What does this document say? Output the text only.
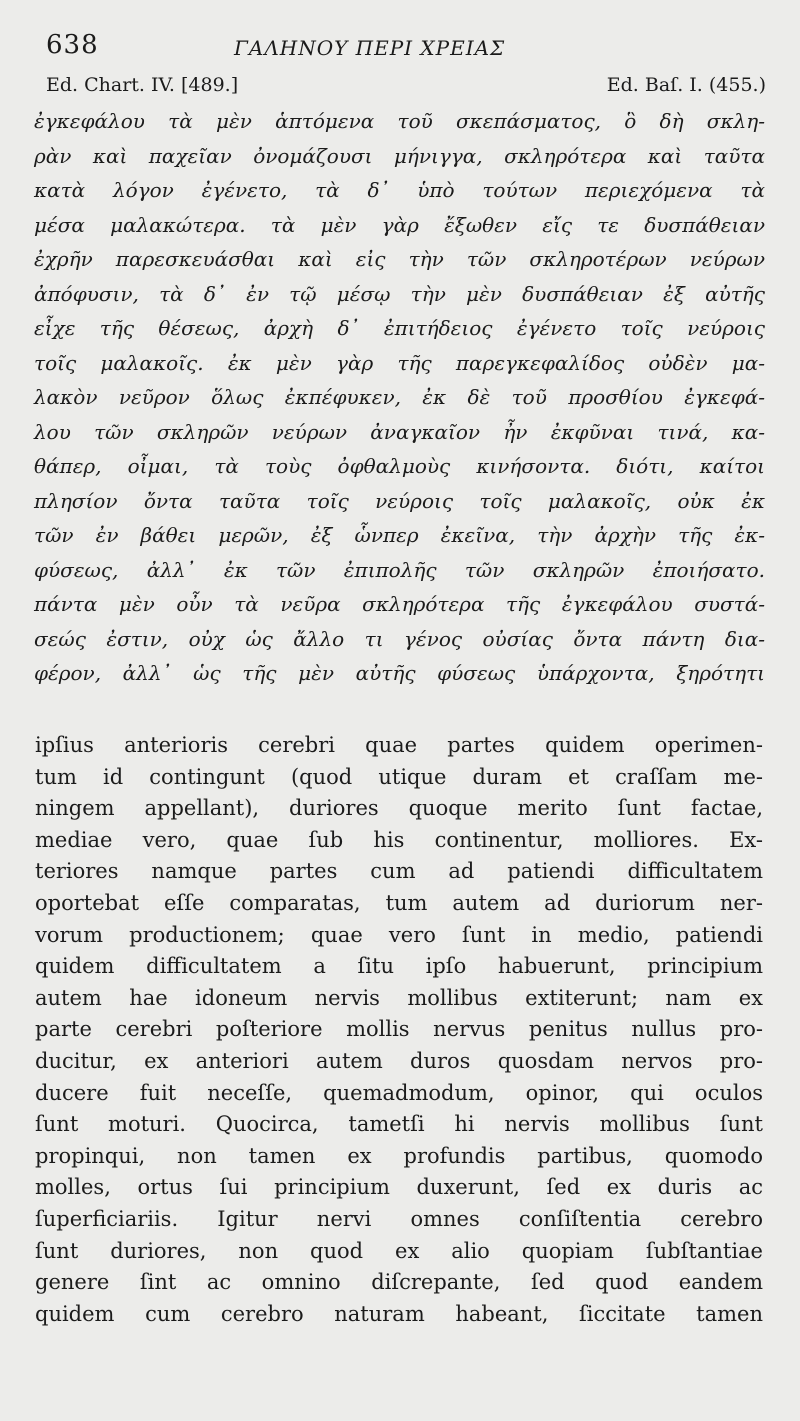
638	ΓΑΛΗΝΟΥ ΠΕΡΙ ΧΡΕΙΑΣ
Ed. Chart. IV. [489.]	Ed. Baſ. I. (455.)
ἐγκεφάλου τὰ μὲν ἁπτόμενα τοῦ σκεπάσματος, ὃ δὴ σκλη-
ρὰν καὶ παχεῖαν ὀνομάζουσι μήνιγγα, σκληρότερα καὶ ταῦτα
κατὰ λόγον ἐγένετο, τὰ δ᾽ ὑπὸ τούτων περιεχόμενα τὰ
μέσα μαλακώτερα. τὰ μὲν γὰρ ἔξωθεν εἴς τε δυσπάθειαν
ἐχρῆν παρεσκευάσθαι καὶ εἰς τὴν τῶν σκληροτέρων νεύρων
ἀπόφυσιν, τὰ δ᾽ ἐν τῷ μέσῳ τὴν μὲν δυσπάθειαν ἐξ αὐτῆς
εἶχε τῆς θέσεως, ἀρχὴ δ᾽ ἐπιτήδειος ἐγένετο τοῖς νεύροις
τοῖς μαλακοῖς. ἐκ μὲν γὰρ τῆς παρεγκεφαλίδος οὐδὲν μα-
λακὸν νεῦρον ὅλως ἐκπέφυκεν, ἐκ δὲ τοῦ προσθίου ἐγκεφά-
λου τῶν σκληρῶν νεύρων ἀναγκαῖον ἦν ἐκφῦναι τινά, κα-
θάπερ, οἶμαι, τὰ τοὺς ὀφθαλμοὺς κινήσοντα. διότι, καίτοι
πλησίον ὄντα ταῦτα τοῖς νεύροις τοῖς μαλακοῖς, οὐκ ἐκ
τῶν ἐν βάθει μερῶν, ἐξ ὧνπερ ἐκεῖνα, τὴν ἀρχὴν τῆς ἐκ-
φύσεως, ἀλλ᾽ ἐκ τῶν ἐπιπολῆς τῶν σκληρῶν ἐποιήσατο.
πάντα μὲν οὖν τὰ νεῦρα σκληρότερα τῆς ἐγκεφάλου συστά-
σεώς ἐστιν, οὐχ ὡς ἄλλο τι γένος οὐσίας ὄντα πάντη δια-
φέρον, ἀλλ᾽ ὡς τῆς μὲν αὐτῆς φύσεως ὑπάρχοντα, ξηρότητι
ipſius anterioris cerebri quae partes quidem operimen-
tum id contingunt (quod utique duram et craſſam me-
ningem appellant), duriores quoque merito ſunt factae,
mediae vero, quae ſub his continentur, molliores. Ex-
teriores namque partes cum ad patiendi difficultatem
oportebat eſſe comparatas, tum autem ad duriorum ner-
vorum productionem; quae vero ſunt in medio, patiendi
quidem difficultatem a ſitu ipſo habuerunt, principium
autem hae idoneum nervis mollibus extiterunt; nam ex
parte cerebri poſteriore mollis nervus penitus nullus pro-
ducitur, ex anteriori autem duros quosdam nervos pro-
ducere fuit neceſſe, quemadmodum, opinor, qui oculos
ſunt moturi. Quocirca, tametſi hi nervis mollibus ſunt
propinqui, non tamen ex profundis partibus, quomodo
molles, ortus ſui principium duxerunt, ſed ex duris ac
ſuperficiariis. Igitur nervi omnes conſiſtentia cerebro
ſunt duriores, non quod ex alio quopiam ſubſtantiae
genere ſint ac omnino diſcrepante, ſed quod eandem
quidem cum cerebro naturam habeant, ſiccitate tamen
